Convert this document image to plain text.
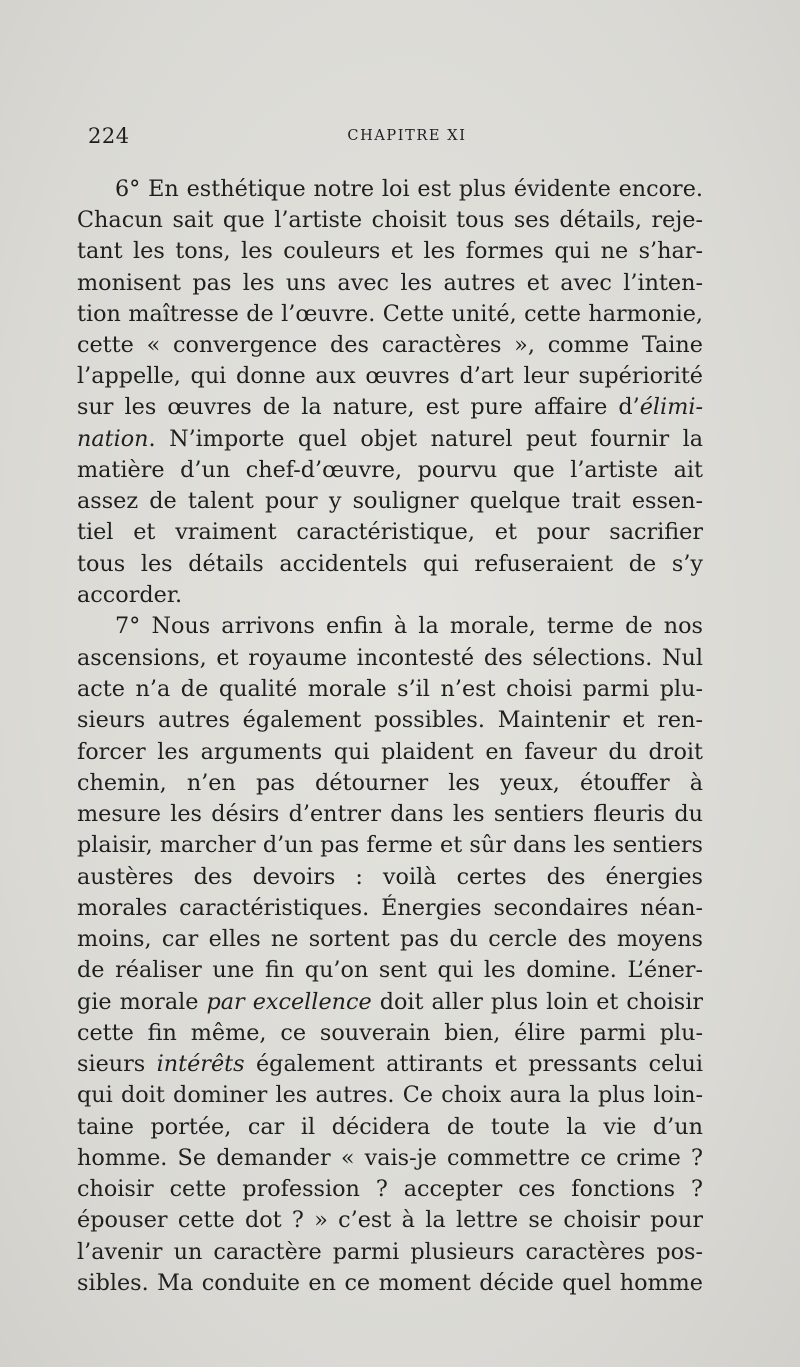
224	CHAPITRE XI
6° En esthétique notre loi est plus évidente encore.
Chacun sait que l’artiste choisit tous ses détails, reje-
tant les tons, les couleurs et les formes qui ne s’har-
monisent pas les uns avec les autres et avec l’inten-
tion maîtresse de l’œuvre. Cette unité, cette harmonie,
cette « convergence des caractères », comme Taine
l’appelle, qui donne aux œuvres d’art leur supériorité
sur les œuvres de la nature, est pure affaire d’élimi-
nation. N’importe quel objet naturel peut fournir la
matière d’un chef-d’œuvre, pourvu que l’artiste ait
assez de talent pour y souligner quelque trait essen-
tiel et vraiment caractéristique, et pour sacrifier
tous les détails accidentels qui refuseraient de s’y
accorder.
7° Nous arrivons enfin à la morale, terme de nos
ascensions, et royaume incontesté des sélections. Nul
acte n’a de qualité morale s’il n’est choisi parmi plu-
sieurs autres également possibles. Maintenir et ren-
forcer les arguments qui plaident en faveur du droit
chemin, n’en pas détourner les yeux, étouffer à
mesure les désirs d’entrer dans les sentiers fleuris du
plaisir, marcher d’un pas ferme et sûr dans les sentiers
austères des devoirs : voilà certes des énergies
morales caractéristiques. Énergies secondaires néan-
moins, car elles ne sortent pas du cercle des moyens
de réaliser une fin qu’on sent qui les domine. L’éner-
gie morale par excellence doit aller plus loin et choisir
cette fin même, ce souverain bien, élire parmi plu-
sieurs intérêts également attirants et pressants celui
qui doit dominer les autres. Ce choix aura la plus loin-
taine portée, car il décidera de toute la vie d’un
homme. Se demander « vais-je commettre ce crime ?
choisir cette profession ? accepter ces fonctions ?
épouser cette dot ? » c’est à la lettre se choisir pour
l’avenir un caractère parmi plusieurs caractères pos-
sibles. Ma conduite en ce moment décide quel homme
